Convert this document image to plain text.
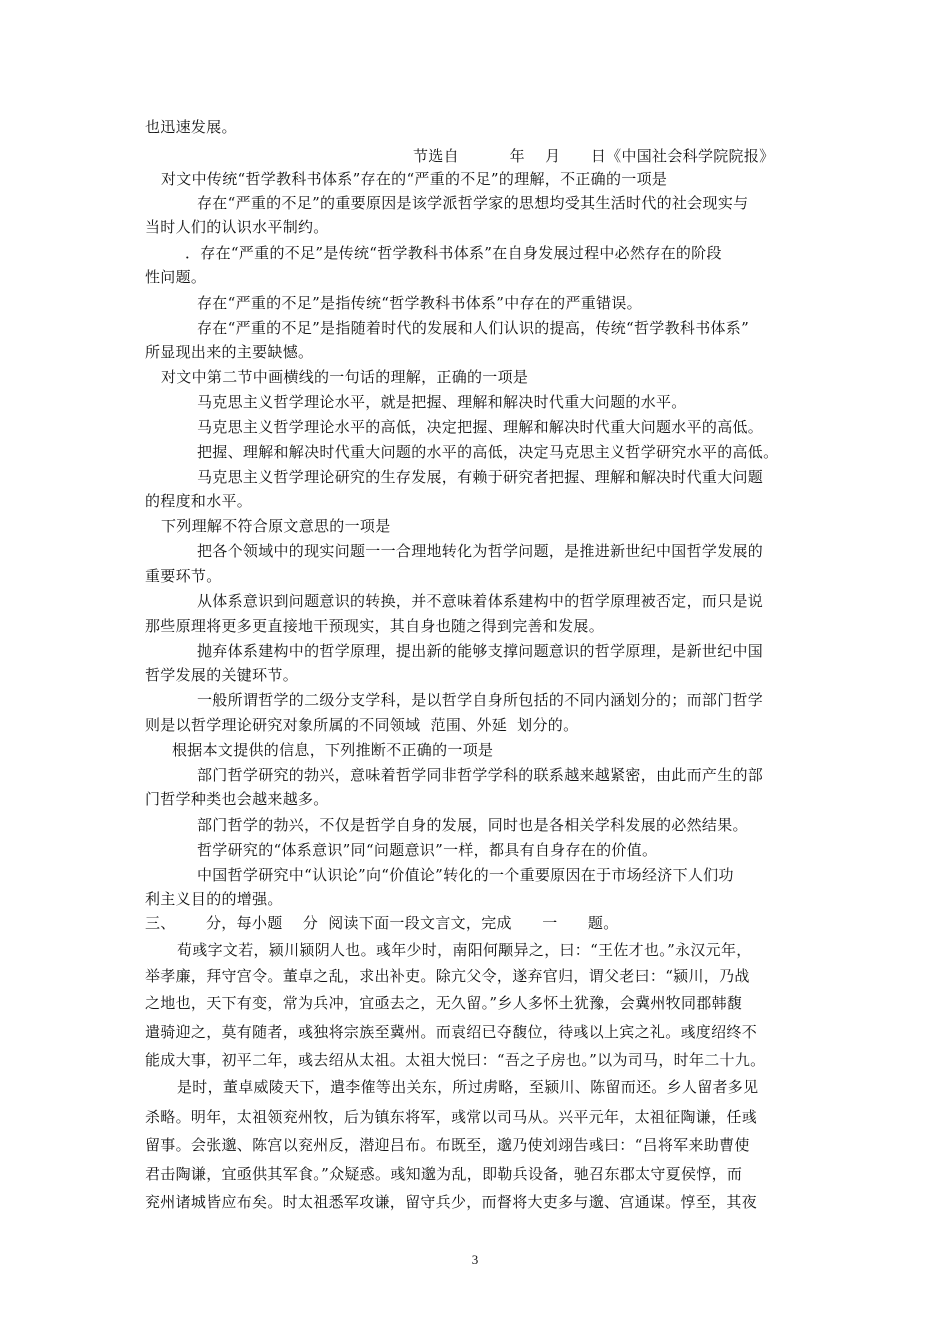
也迅速发展。
节选自          年    月      日《中国社会科学院院报》
对文中传统“哲学教科书体系”存在的“严重的不足”的理解，不正确的一项是
存在“严重的不足”的重要原因是该学派哲学家的思想均受其生活时代的社会现实与
当时人们的认识水平制约。
．存在“严重的不足”是传统“哲学教科书体系”在自身发展过程中必然存在的阶段
性问题。
存在“严重的不足”是指传统“哲学教科书体系”中存在的严重错误。
存在“严重的不足”是指随着时代的发展和人们认识的提高，传统“哲学教科书体系”
所显现出来的主要缺憾。
对文中第二节中画横线的一句话的理解，正确的一项是
马克思主义哲学理论水平，就是把握、理解和解决时代重大问题的水平。
马克思主义哲学理论水平的高低，决定把握、理解和解决时代重大问题水平的高低。
把握、理解和解决时代重大问题的水平的高低，决定马克思主义哲学研究水平的高低。
马克思主义哲学理论研究的生存发展，有赖于研究者把握、理解和解决时代重大问题
的程度和水平。
下列理解不符合原文意思的一项是
把各个领域中的现实问题一一合理地转化为哲学问题，是推进新世纪中国哲学发展的
重要环节。
从体系意识到问题意识的转换，并不意味着体系建构中的哲学原理被否定，而只是说
那些原理将更多更直接地干预现实，其自身也随之得到完善和发展。
抛弃体系建构中的哲学原理，提出新的能够支撑问题意识的哲学原理，是新世纪中国
哲学发展的关键环节。
一般所谓哲学的二级分支学科，是以哲学自身所包括的不同内涵划分的；而部门哲学
则是以哲学理论研究对象所属的不同领域  范围、外延  划分的。
根据本文提供的信息，下列推断不正确的一项是
部门哲学研究的勃兴，意味着哲学同非哲学学科的联系越来越紧密，由此而产生的部
门哲学种类也会越来越多。
部门哲学的勃兴，不仅是哲学自身的发展，同时也是各相关学科发展的必然结果。
哲学研究的“体系意识”同“问题意识”一样，都具有自身存在的价值。
中国哲学研究中“认识论”向“价值论”转化的一个重要原因在于市场经济下人们功
利主义目的的增强。
三、      分，每小题    分  阅读下面一段文言文，完成      一      题。
荀彧字文若，颍川颍阴人也。彧年少时，南阳何颙异之，曰：“王佐才也。”永汉元年，
举孝廉，拜守宫令。董卓之乱，求出补吏。除亢父令，遂弃官归，谓父老曰：“颍川，乃战
之地也，天下有变，常为兵冲，宜亟去之，无久留。”乡人多怀土犹豫，会冀州牧同郡韩馥
遣骑迎之，莫有随者，彧独将宗族至冀州。而袁绍已夺馥位，待彧以上宾之礼。彧度绍终不
能成大事，初平二年，彧去绍从太祖。太祖大悦曰：“吾之子房也。”以为司马，时年二十九。
是时，董卓威陵天下，遣李傕等出关东，所过虏略，至颍川、陈留而还。乡人留者多见
杀略。明年，太祖领兖州牧，后为镇东将军，彧常以司马从。兴平元年，太祖征陶谦，任彧
留事。会张邈、陈宫以兖州反，潜迎吕布。布既至，邈乃使刘翊告彧曰：“吕将军来助曹使
君击陶谦，宜亟供其军食。”众疑惑。彧知邈为乱，即勒兵设备，驰召东郡太守夏侯惇，而
兖州诸城皆应布矣。时太祖悉军攻谦，留守兵少，而督将大吏多与邈、宫通谋。惇至，其夜
3
